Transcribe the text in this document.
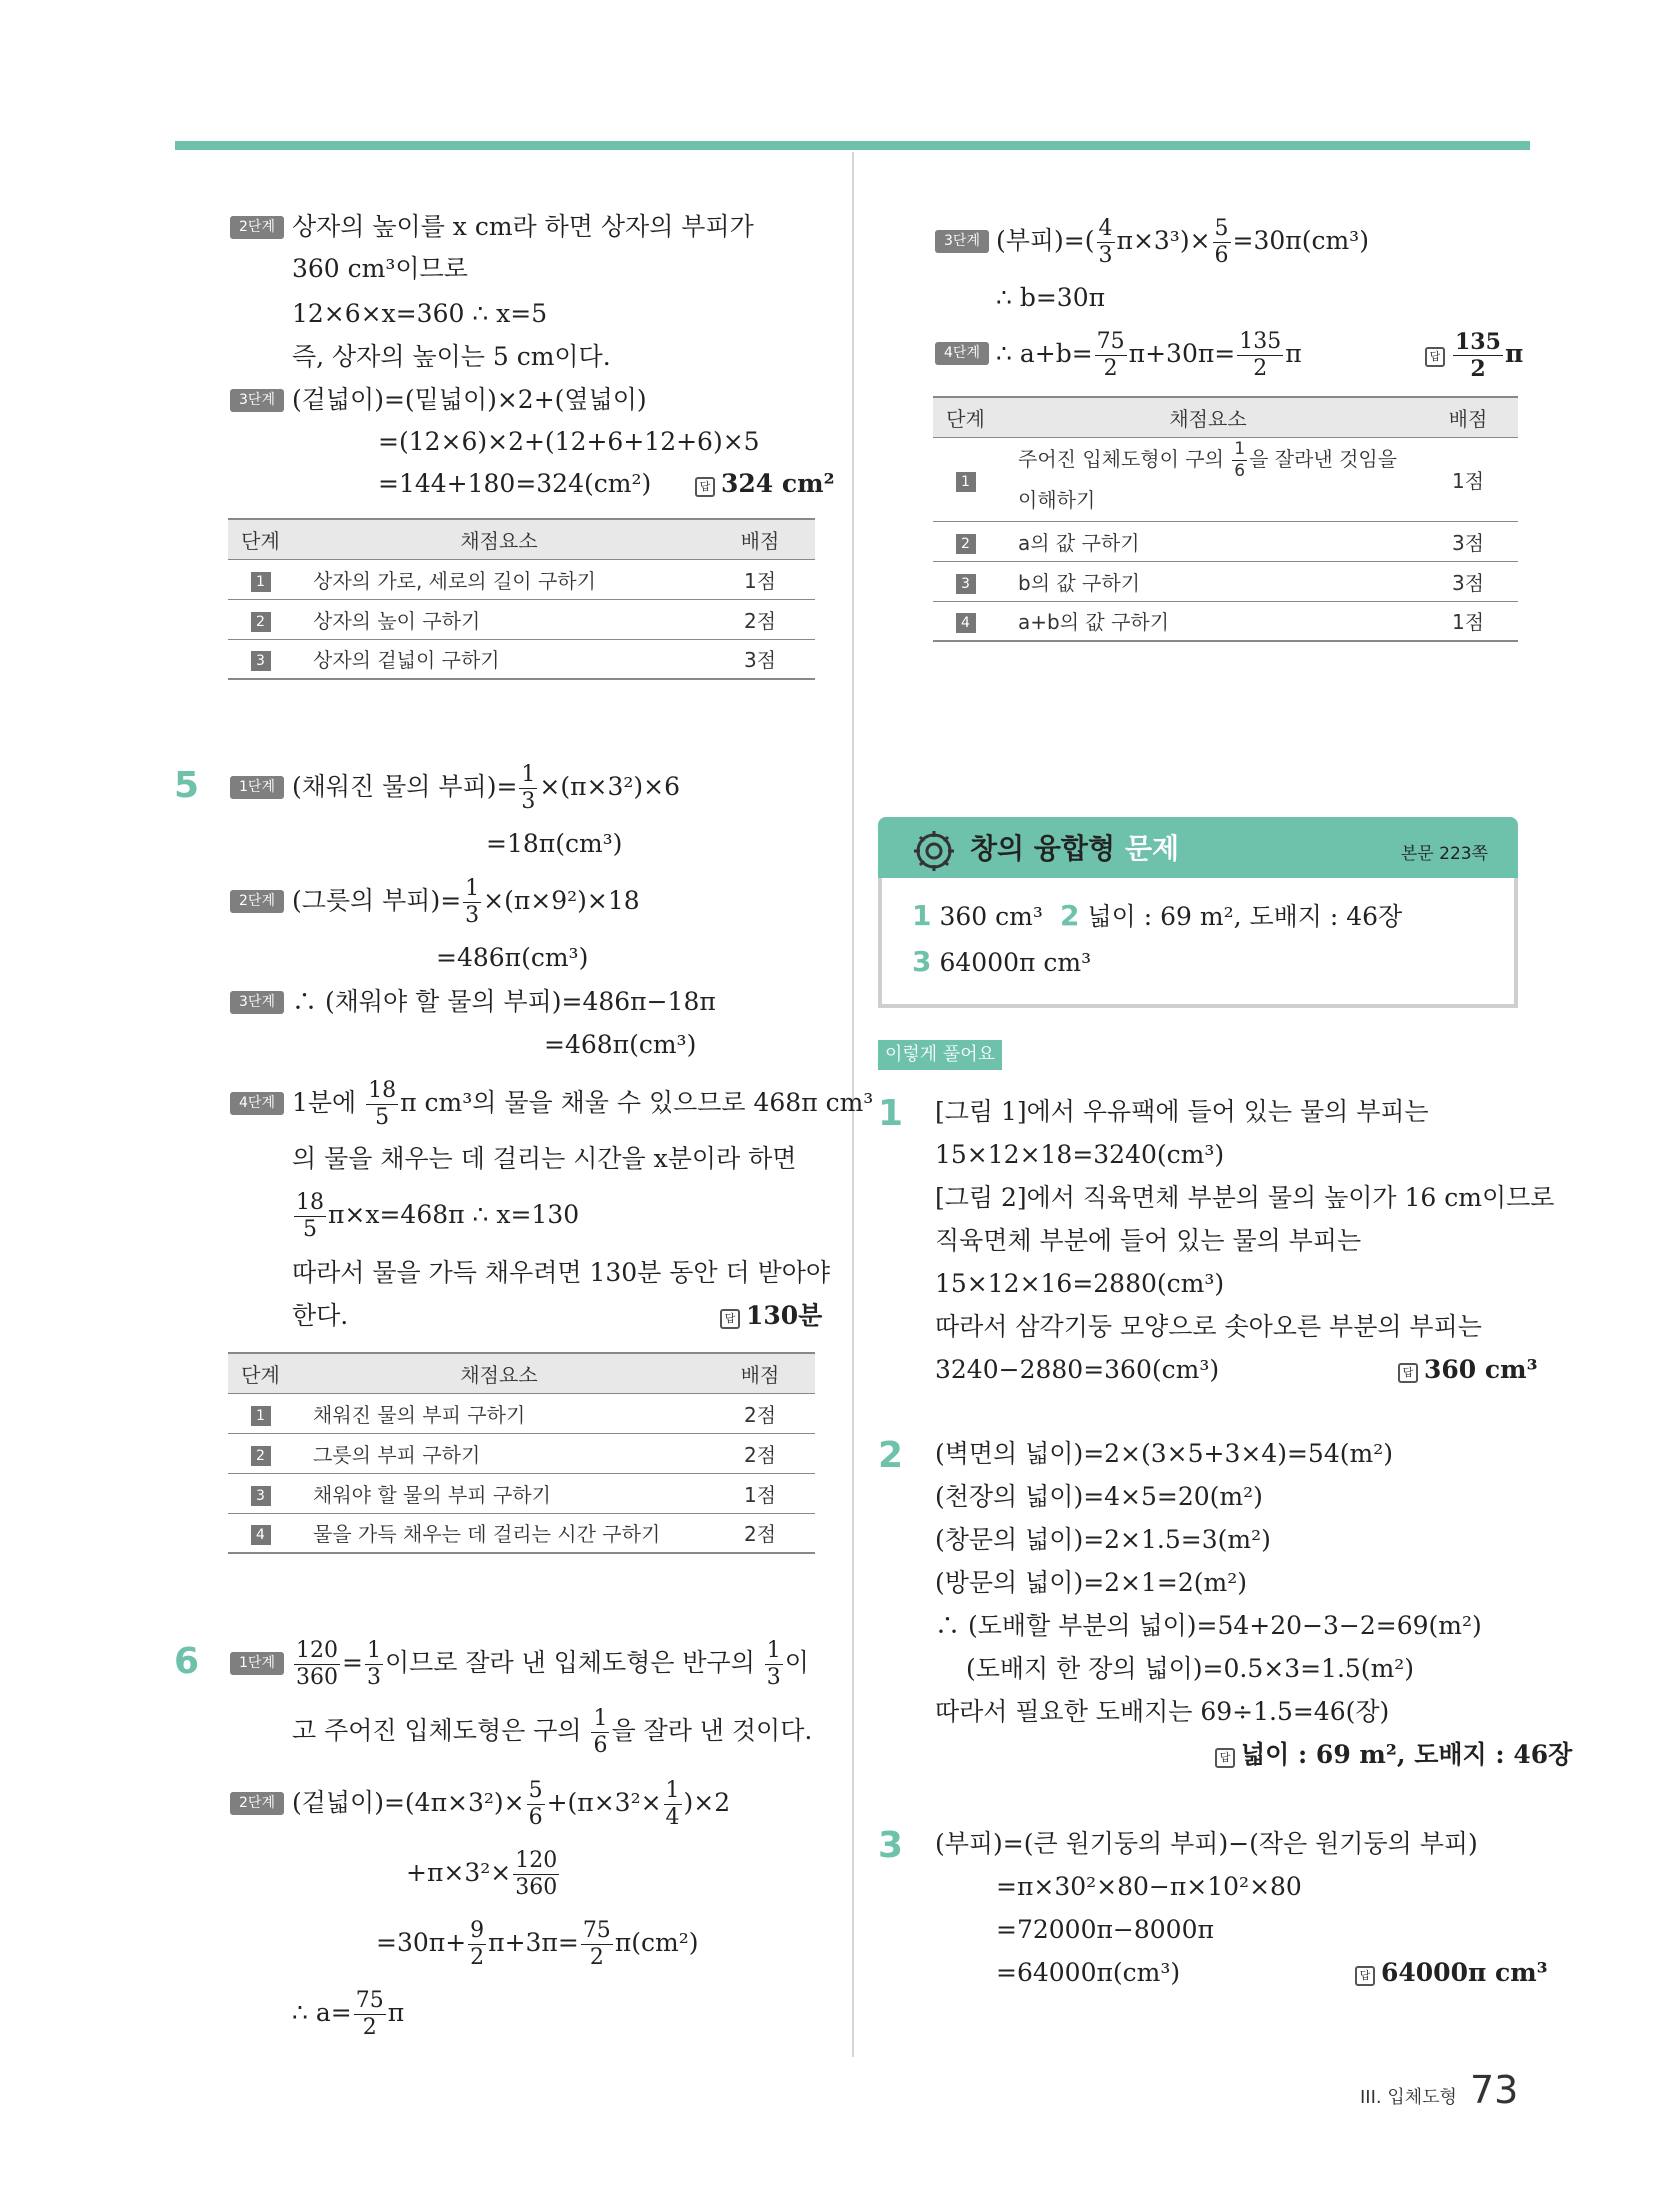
2단계 상자의 높이를 x cm라 하면 상자의 부피가
360 cm³이므로
12×6×x=360 ∴ x=5
즉, 상자의 높이는 5 cm이다.
3단계 (겉넓이)=(밑넓이)×2+(옆넓이)
=(12×6)×2+(12+6+12+6)×5
=144+180=324(cm²)	답 324 cm²
단계	채점요소	배점
1	상자의 가로, 세로의 길이 구하기	1점
2	상자의 높이 구하기	2점
3	상자의 겉넓이 구하기	3점
5	1단계 (채워진 물의 부피)= $\frac{1}{3} \times(\pi\times 3^2)\times 6$
=18π(cm³)
2단계 (그릇의 부피)= $\frac{1}{3} \times(\pi\times 9^2)\times 18$
=486π(cm³)
3단계 ∴ (채워야 할 물의 부피)=486π−18π
=468π(cm³)
4단계 1분에 $\frac{18}{5}$ π cm³의 물을 채울 수 있으므로 468π cm³
의 물을 채우는 데 걸리는 시간을 x분이라 하면
$\frac{18}{5} \pi\times x=468\pi$ ∴ x=130
따라서 물을 가득 채우려면 130분 동안 더 받아야
한다.	답 130분
단계	채점요소	배점
1	채워진 물의 부피 구하기	2점
2	그릇의 부피 구하기	2점
3	채워야 할 물의 부피 구하기	1점
4	물을 가득 채우는 데 걸리는 시간 구하기	2점
6	1단계 $\frac{120}{360} = \frac{1}{3}$ 이므로 잘라 낸 입체도형은 반구의 $\frac{1}{3}$ 이
고 주어진 입체도형은 구의 $\frac{1}{6}$ 을 잘라 낸 것이다.
2단계 (겉넓이)$=(4\pi\times 3^2)\times \frac{5}{6} +(\pi\times 3^2\times \frac{1}{4} )\times 2$
$+\pi\times 3^2\times \frac{120}{360}$
$=30\pi+ \frac{9}{2} \pi+3\pi= \frac{75}{2} \pi(cm^2)$
∴ $a= \frac{75}{2}$ π
3단계 (부피)=( $\frac{4}{3} \pi\times 3^3)\times \frac{5}{6} =30\pi(cm^3)$
∴ b=30π
4단계 ∴ $a+b= \frac{75}{2} \pi+30\pi= \frac{135}{2}$ π	답 $\frac{135}{2}$ π
단계	채점요소	배점
1	주어진 입체도형이 구의 $\frac{1}{6}$ 을 잘라낸 것임을
이해하기	1점
2	a의 값 구하기	3점
3	b의 값 구하기	3점
4	a+b의 값 구하기	1점
창의 융합형 문제	본문 223쪽
1 360 cm³ 2 넓이 : 69 m², 도배지 : 46장
3 64000π cm³
이렇게 풀어요
1 [그림 1]에서 우유팩에 들어 있는 물의 부피는
15×12×18=3240(cm³)
[그림 2]에서 직육면체 부분의 물의 높이가 16 cm이므로
직육면체 부분에 들어 있는 물의 부피는
15×12×16=2880(cm³)
따라서 삼각기둥 모양으로 솟아오른 부분의 부피는
3240−2880=360(cm³)	답 360 cm³
2 (벽면의 넓이)=2×(3×5+3×4)=54(m²)
(천장의 넓이)=4×5=20(m²)
(창문의 넓이)=2×1.5=3(m²)
(방문의 넓이)=2×1=2(m²)
∴ (도배할 부분의 넓이)=54+20−3−2=69(m²)
(도배지 한 장의 넓이)=0.5×3=1.5(m²)
따라서 필요한 도배지는 69÷1.5=46(장)
답 넓이 : 69 m², 도배지 : 46장
3 (부피)=(큰 원기둥의 부피)−(작은 원기둥의 부피)
=π×30²×80−π×10²×80
=72000π−8000π
=64000π(cm³)	답 64000π cm³
III. 입체도형 73
